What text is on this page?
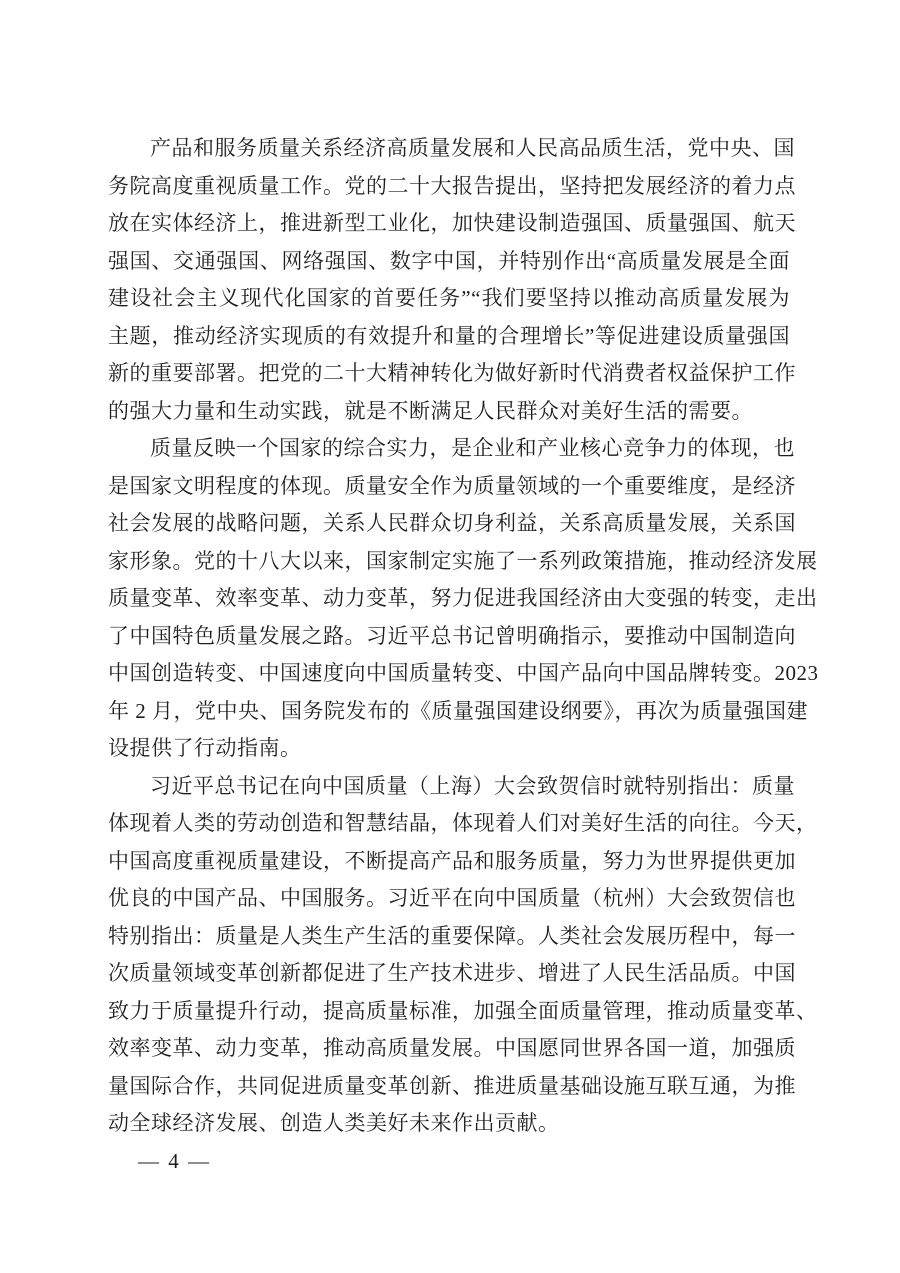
产品和服务质量关系经济高质量发展和人民高品质生活，党中央、国
务院高度重视质量工作。党的二十大报告提出，坚持把发展经济的着力点
放在实体经济上，推进新型工业化，加快建设制造强国、质量强国、航天
强国、交通强国、网络强国、数字中国，并特别作出“高质量发展是全面
建设社会主义现代化国家的首要任务”“我们要坚持以推动高质量发展为
主题，推动经济实现质的有效提升和量的合理增长”等促进建设质量强国
新的重要部署。把党的二十大精神转化为做好新时代消费者权益保护工作
的强大力量和生动实践，就是不断满足人民群众对美好生活的需要。
质量反映一个国家的综合实力，是企业和产业核心竞争力的体现，也
是国家文明程度的体现。质量安全作为质量领域的一个重要维度，是经济
社会发展的战略问题，关系人民群众切身利益，关系高质量发展，关系国
家形象。党的十八大以来，国家制定实施了一系列政策措施，推动经济发展
质量变革、效率变革、动力变革，努力促进我国经济由大变强的转变，走出
了中国特色质量发展之路。习近平总书记曾明确指示，要推动中国制造向
中国创造转变、中国速度向中国质量转变、中国产品向中国品牌转变。2023
年 2 月，党中央、国务院发布的《质量强国建设纲要》，再次为质量强国建
设提供了行动指南。
习近平总书记在向中国质量（上海）大会致贺信时就特别指出：质量
体现着人类的劳动创造和智慧结晶，体现着人们对美好生活的向往。今天，
中国高度重视质量建设，不断提高产品和服务质量，努力为世界提供更加
优良的中国产品、中国服务。习近平在向中国质量（杭州）大会致贺信也
特别指出：质量是人类生产生活的重要保障。人类社会发展历程中，每一
次质量领域变革创新都促进了生产技术进步、增进了人民生活品质。中国
致力于质量提升行动，提高质量标准，加强全面质量管理，推动质量变革、
效率变革、动力变革，推动高质量发展。中国愿同世界各国一道，加强质
量国际合作，共同促进质量变革创新、推进质量基础设施互联互通，为推
动全球经济发展、创造人类美好未来作出贡献。
— 4 —
